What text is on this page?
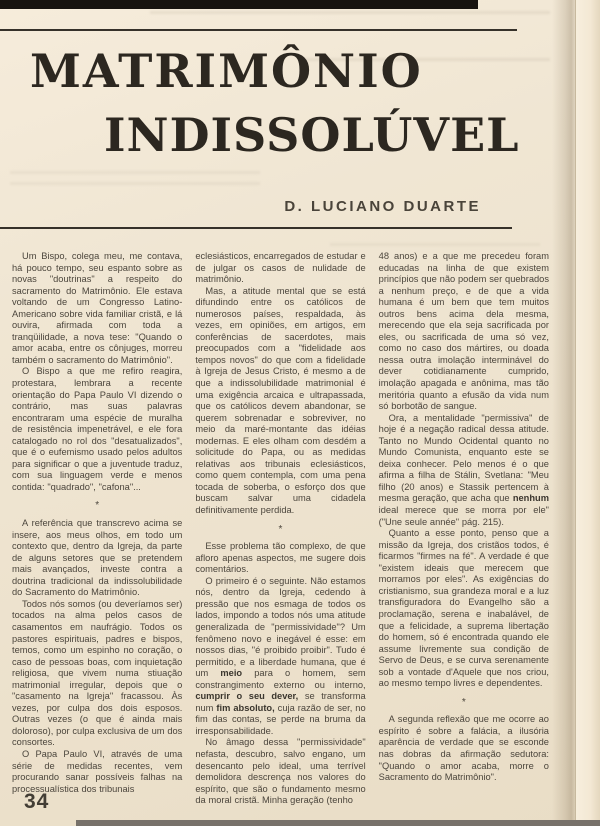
MATRIMÔNIO
INDISSOLÚVEL
D. LUCIANO DUARTE

Um Bispo, colega meu, me contava, há pouco tempo, seu espanto sobre as novas "doutrinas" a respeito do sacramento do Matrimônio. Ele estava voltando de um Congresso Latino-Americano sobre vida familiar cristã, e lá ouvira, afirmada com toda a tranqüilidade, a nova tese: "Quando o amor acaba, entre os cônjuges, morreu também o sacramento do Matrimônio".

O Bispo a que me refiro reagira, protestara, lembrara a recente orientação do Papa Paulo VI dizendo o contrário, mas suas palavras encontraram uma espécie de muralha de resistência impenetrável, e ele fora catalogado no rol dos "desatualizados", que é o eufemismo usado pelos adultos para significar o que a juventude traduz, com sua linguagem verde e menos contida: "quadrado", "cafona"...

*

A referência que transcrevo acima se insere, aos meus olhos, em todo um contexto que, dentro da Igreja, da parte de alguns setores que se pretendem mais avançados, investe contra a doutrina tradicional da indissolubilidade do Sacramento do Matrimônio.

Todos nós somos (ou deveríamos ser) tocados na alma pelos casos de casamentos em naufrágio. Todos os pastores espirituais, padres e bispos, temos, como um espinho no coração, o caso de pessoas boas, com inquietação religiosa, que vivem numa stiuação matrimonial irregular, depois que o "casamento na Igreja" fracassou. Às vezes, por culpa dos dois esposos. Outras vezes (o que é ainda mais doloroso), por culpa exclusiva de um dos consortes.

O Papa Paulo VI, através de uma série de medidas recentes, vem procurando sanar possíveis falhas na processualística dos tribunais

eclesiásticos, encarregados de estudar e de julgar os casos de nulidade de matrimônio.

Mas, a atitude mental que se está difundindo entre os católicos de numerosos países, respaldada, às vezes, em opiniões, em artigos, em conferências de sacerdotes, mais preocupados com a "fidelidade aos tempos novos" do que com a fidelidade à Igreja de Jesus Cristo, é mesmo a de que a indissolubilidade matrimonial é uma exigência arcaica e ultrapassada, que os católicos devem abandonar, se querem sobrenadar e sobreviver, no meio da maré-montante das idéias modernas. E eles olham com desdém a solicitude do Papa, ou as medidas relativas aos tribunais eclesiásticos, como quem contempla, com uma pena tocada de soberba, o esforço dos que buscam salvar uma cidadela definitivamente perdida.

*

Esse problema tão complexo, de que afloro apenas aspectos, me sugere dois comentários.

O primeiro é o seguinte. Não estamos nós, dentro da Igreja, cedendo à pressão que nos esmaga de todos os lados, impondo a todos nós uma atitude generalizada de "permissividade"? Um fenômeno novo e inegável é esse: em nossos dias, "é proibido proibir". Tudo é permitido, e a liberdade humana, que é um meio para o homem, sem constrangimento externo ou interno, cumprir o seu dever, se transforma num fim absoluto, cuja razão de ser, no fim das contas, se perde na bruma da irresponsabilidade.

No âmago dessa "permissividade" nefasta, descubro, salvo engano, um desencanto pelo ideal, uma terrível demolidora descrença nos valores do espírito, que são o fundamento mesmo da moral cristã. Minha geração (tenho

48 anos) e a que me precedeu foram educadas na linha de que existem princípios que não podem ser quebrados a nenhum preço, e de que a vida humana é um bem que tem muitos outros bens acima dela mesma, merecendo que ela seja sacrificada por eles, ou sacrificada de uma só vez, como no caso dos mártires, ou doada nessa outra imolação interminável do dever cotidianamente cumprido, imolação apagada e anônima, mas tão meritória quanto a efusão da vida num só borbotão de sangue.

Ora, a mentalidade "permissiva" de hoje é a negação radical dessa atitude. Tanto no Mundo Ocidental quanto no Mundo Comunista, enquanto este se deixa conhecer. Pelo menos é o que afirma a filha de Stálin, Svetlana: "Meu filho (20 anos) e Stassik pertencem à mesma geração, que acha que nenhum ideal merece que se morra por ele" ("Une seule année" pág. 215).

Quanto a esse ponto, penso que a missão da Igreja, dos cristãos todos, é ficarmos "firmes na fé". A verdade é que "existem ideais que merecem que morramos por eles". As exigências do cristianismo, sua grandeza moral e a luz transfiguradora do Evangelho são a proclamação, serena e inabalável, de que a felicidade, a suprema libertação do homem, só é encontrada quando ele assume livremente sua condição de Servo de Deus, e se curva serenamente sob a vontade d'Aquele que nos criou, ao mesmo tempo livres e dependentes.

*

A segunda reflexão que me ocorre ao espírito é sobre a falácia, a ilusória aparência de verdade que se esconde nas dobras da afirmação sedutora: "Quando o amor acaba, morre o Sacramento do Matrimônio".

34
